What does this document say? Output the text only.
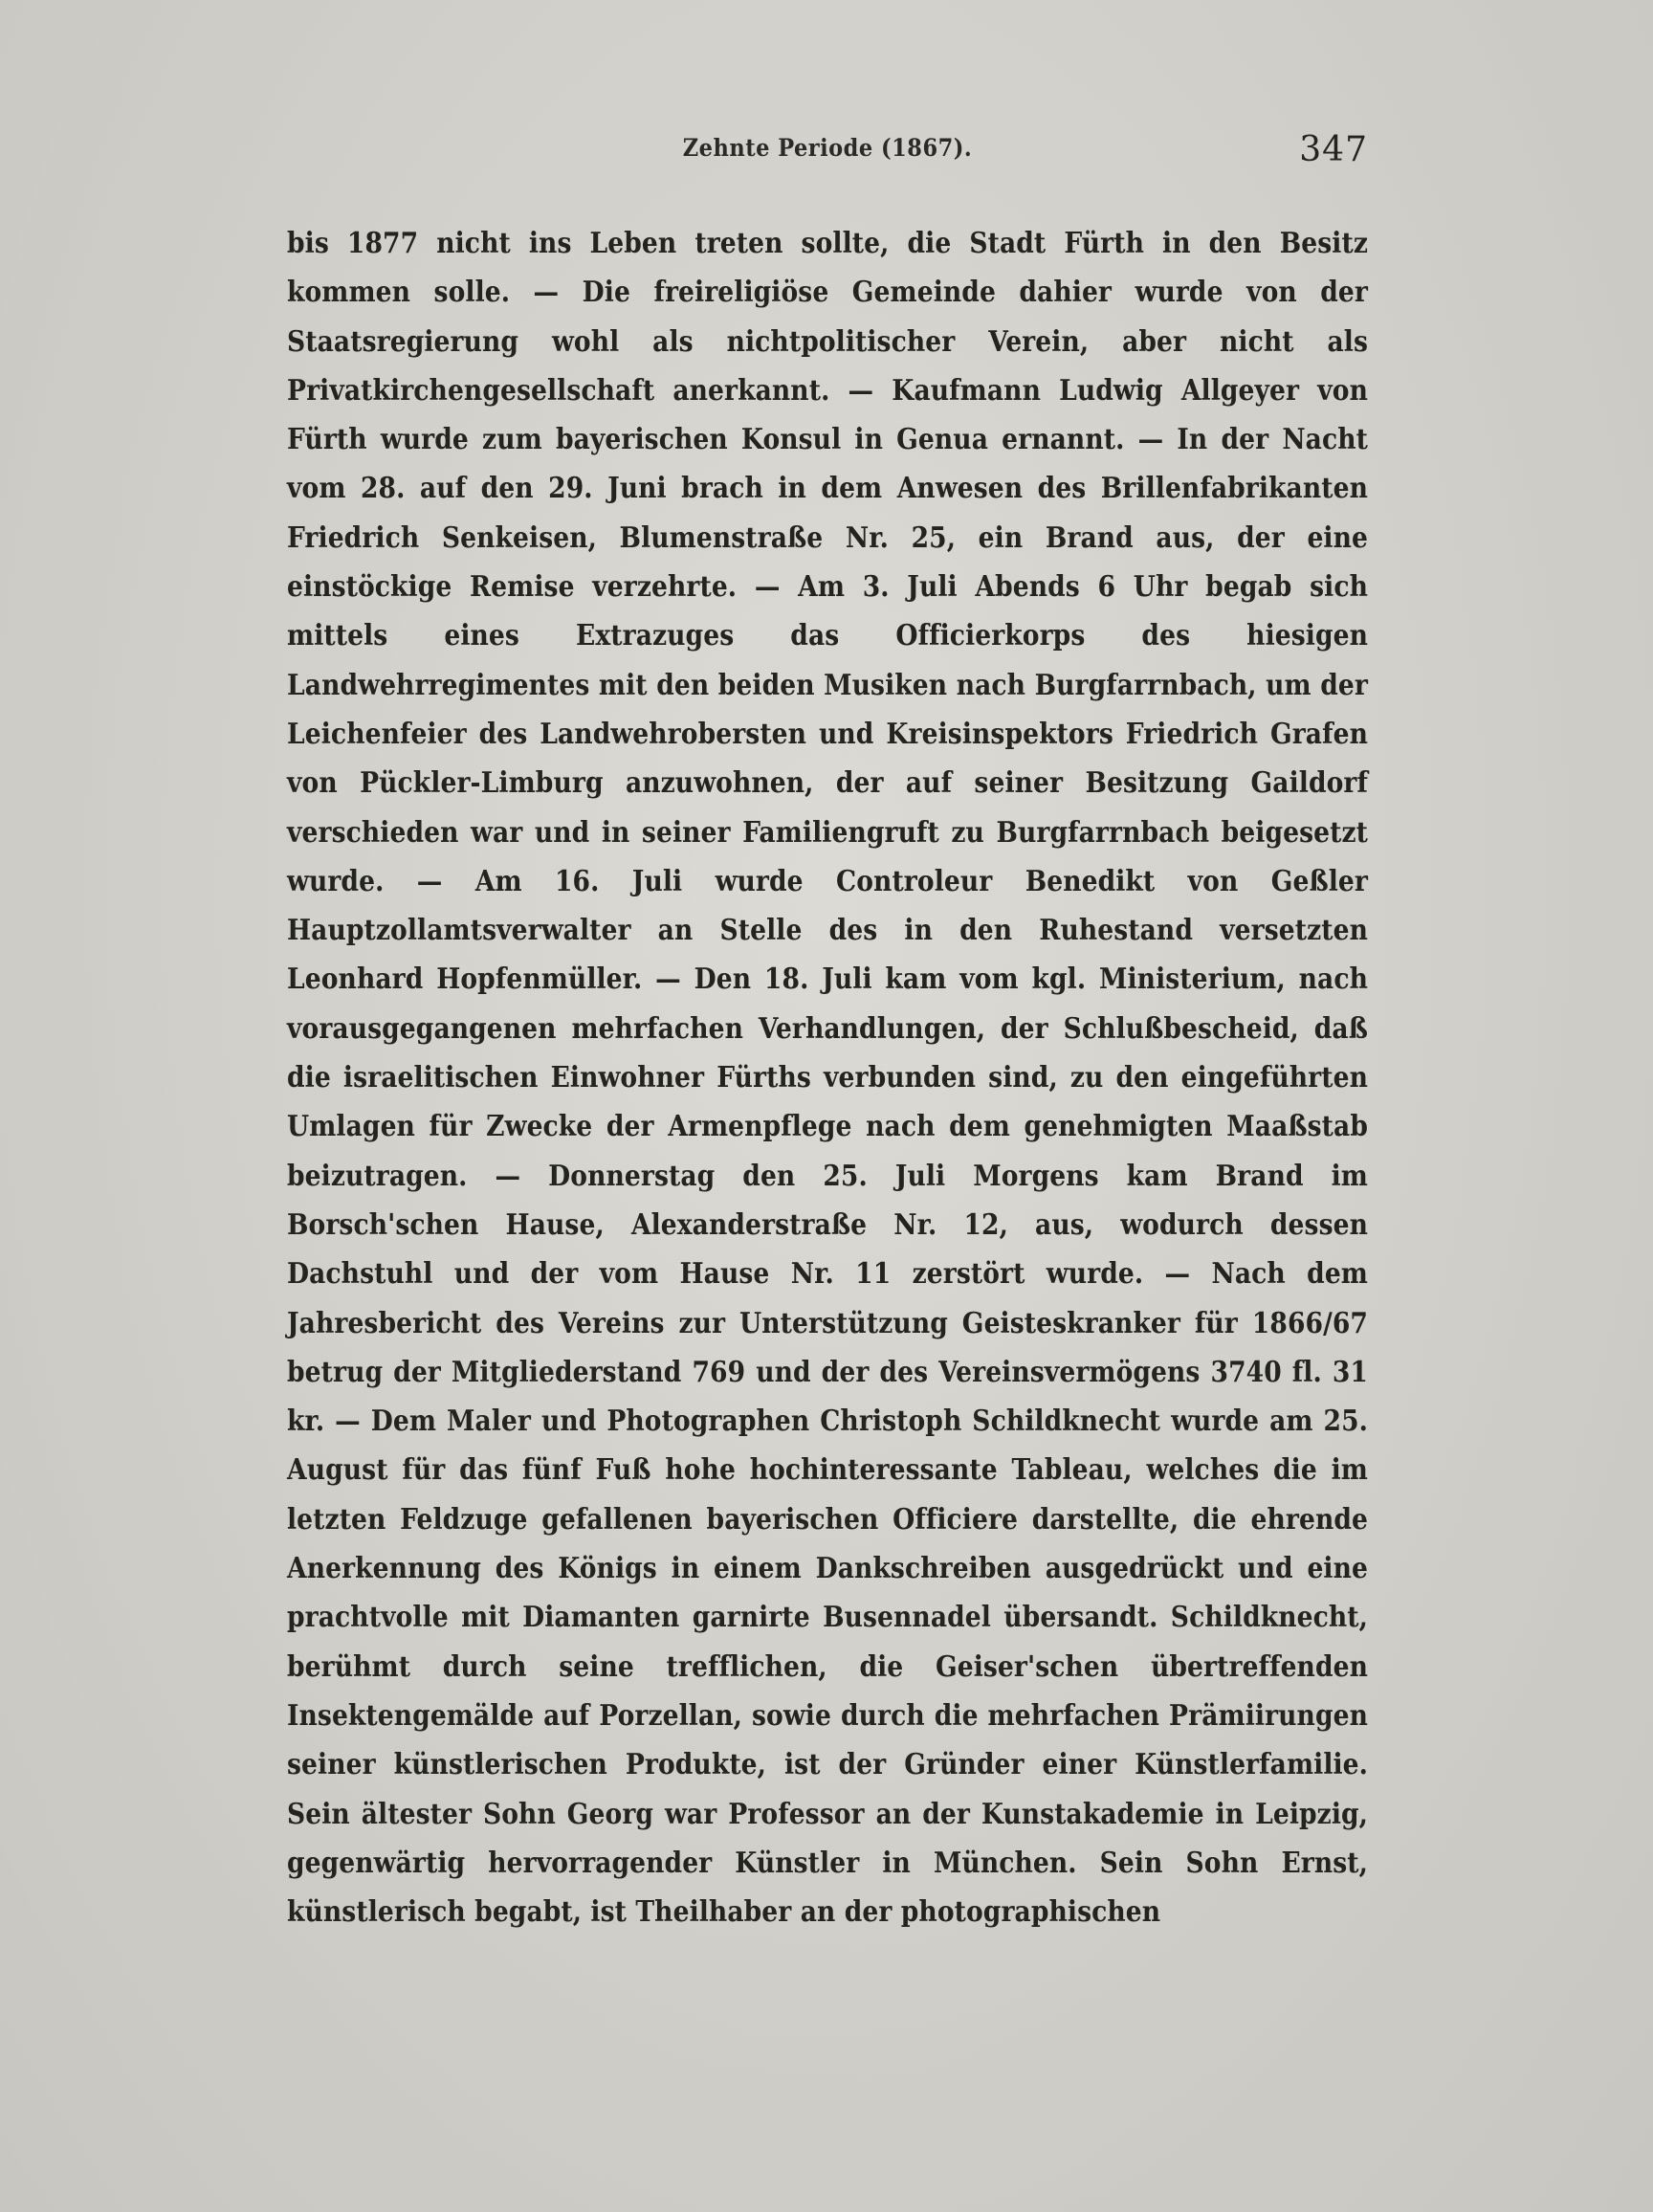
Zehnte Periode (1867).	347

bis 1877 nicht ins Leben treten sollte, die Stadt Fürth in den Besitz kommen solle. — Die freireligiöse Gemeinde dahier wurde von der Staatsregierung wohl als nichtpolitischer Verein, aber nicht als Privatkirchengesellschaft anerkannt. — Kaufmann Ludwig Allgeyer von Fürth wurde zum bayerischen Konsul in Genua ernannt. — In der Nacht vom 28. auf den 29. Juni brach in dem Anwesen des Brillenfabrikanten Friedrich Senkeisen, Blumenstraße Nr. 25, ein Brand aus, der eine einstöckige Remise verzehrte. — Am 3. Juli Abends 6 Uhr begab sich mittels eines Extrazuges das Officierkorps des hiesigen Landwehrregimentes mit den beiden Musiken nach Burgfarrnbach, um der Leichenfeier des Landwehrobersten und Kreisinspektors Friedrich Grafen von Pückler-Limburg anzuwohnen, der auf seiner Besitzung Gaildorf verschieden war und in seiner Familiengruft zu Burgfarrnbach beigesetzt wurde. — Am 16. Juli wurde Controleur Benedikt von Geßler Hauptzollamtsverwalter an Stelle des in den Ruhestand versetzten Leonhard Hopfenmüller. — Den 18. Juli kam vom kgl. Ministerium, nach vorausgegangenen mehrfachen Verhandlungen, der Schlußbescheid, daß die israelitischen Einwohner Fürths verbunden sind, zu den eingeführten Umlagen für Zwecke der Armenpflege nach dem genehmigten Maaßstab beizutragen. — Donnerstag den 25. Juli Morgens kam Brand im Borsch'schen Hause, Alexanderstraße Nr. 12, aus, wodurch dessen Dachstuhl und der vom Hause Nr. 11 zerstört wurde. — Nach dem Jahresbericht des Vereins zur Unterstützung Geisteskranker für 1866/67 betrug der Mitgliederstand 769 und der des Vereinsvermögens 3740 fl. 31 kr. — Dem Maler und Photographen Christoph Schildknecht wurde am 25. August für das fünf Fuß hohe hochinteressante Tableau, welches die im letzten Feldzuge gefallenen bayerischen Officiere darstellte, die ehrende Anerkennung des Königs in einem Dankschreiben ausgedrückt und eine prachtvolle mit Diamanten garnirte Busennadel übersandt. Schildknecht, berühmt durch seine trefflichen, die Geiser'schen übertreffenden Insektengemälde auf Porzellan, sowie durch die mehrfachen Prämiirungen seiner künstlerischen Produkte, ist der Gründer einer Künstlerfamilie. Sein ältester Sohn Georg war Professor an der Kunstakademie in Leipzig, gegenwärtig hervorragender Künstler in München. Sein Sohn Ernst, künstlerisch begabt, ist Theilhaber an der photographischen
